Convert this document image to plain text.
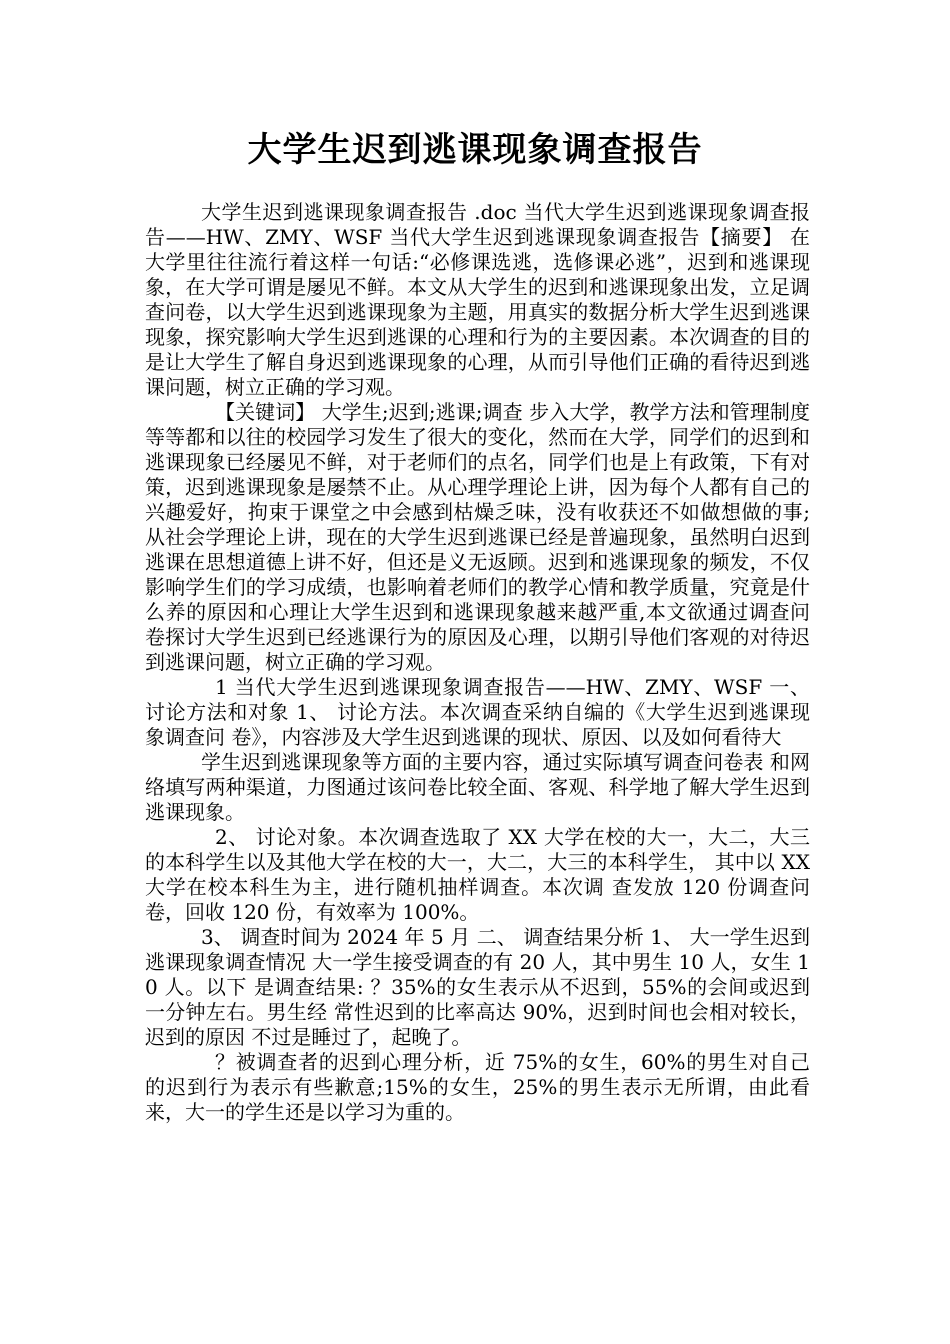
大学生迟到逃课现象调查报告

大学生迟到逃课现象调查报告 .doc 当代大学生迟到逃课现象调查报告——HW、ZMY、WSF 当代大学生迟到逃课现象调查报告【摘要】 在大学里往往流行着这样一句话:“必修课选逃，选修课必逃”，迟到和逃课现象，在大学可谓是屡见不鲜。本文从大学生的迟到和逃课现象出发，立足调查问卷，以大学生迟到逃课现象为主题，用真实的数据分析大学生迟到逃课现象，探究影响大学生迟到逃课的心理和行为的主要因素。本次调查的目的是让大学生了解自身迟到逃课现象的心理，从而引导他们正确的看待迟到逃课问题，树立正确的学习观。

【关键词】 大学生;迟到;逃课;调查 步入大学，教学方法和管理制度等等都和以往的校园学习发生了很大的变化，然而在大学，同学们的迟到和逃课现象已经屡见不鲜，对于老师们的点名，同学们也是上有政策，下有对策，迟到逃课现象是屡禁不止。从心理学理论上讲，因为每个人都有自己的兴趣爱好，拘束于课堂之中会感到枯燥乏味，没有收获还不如做想做的事;从社会学理论上讲，现在的大学生迟到逃课已经是普遍现象，虽然明白迟到逃课在思想道德上讲不好，但还是义无返顾。迟到和逃课现象的频发，不仅影响学生们的学习成绩，也影响着老师们的教学心情和教学质量，究竟是什么养的原因和心理让大学生迟到和逃课现象越来越严重,本文欲通过调查问卷探讨大学生迟到已经逃课行为的原因及心理，以期引导他们客观的对待迟到逃课问题，树立正确的学习观。

1 当代大学生迟到逃课现象调查报告——HW、ZMY、WSF 一、 讨论方法和对象 1、 讨论方法。本次调查采纳自编的《大学生迟到逃课现象调查问 卷》，内容涉及大学生迟到逃课的现状、原因、以及如何看待大

学生迟到逃课现象等方面的主要内容，通过实际填写调查问卷表 和网络填写两种渠道，力图通过该问卷比较全面、客观、科学地了解大学生迟到逃课现象。

2、 讨论对象。本次调查选取了 XX 大学在校的大一，大二，大三 的本科学生以及其他大学在校的大一，大二，大三的本科学生， 其中以 XX 大学在校本科生为主，进行随机抽样调查。本次调 查发放 120 份调查问卷，回收 120 份，有效率为 100%。

3、 调查时间为 2024 年 5 月 二、 调查结果分析 1、 大一学生迟到逃课现象调查情况 大一学生接受调查的有 20 人，其中男生 10 人，女生 10 人。以下 是调查结果: ？35%的女生表示从不迟到，55%的会间或迟到一分钟左右。男生经 常性迟到的比率高达 90%，迟到时间也会相对较长，迟到的原因 不过是睡过了，起晚了。

？被调查者的迟到心理分析，近 75%的女生，60%的男生对自己的迟到行为表示有些歉意;15%的女生，25%的男生表示无所谓，由此看来，大一的学生还是以学习为重的。
